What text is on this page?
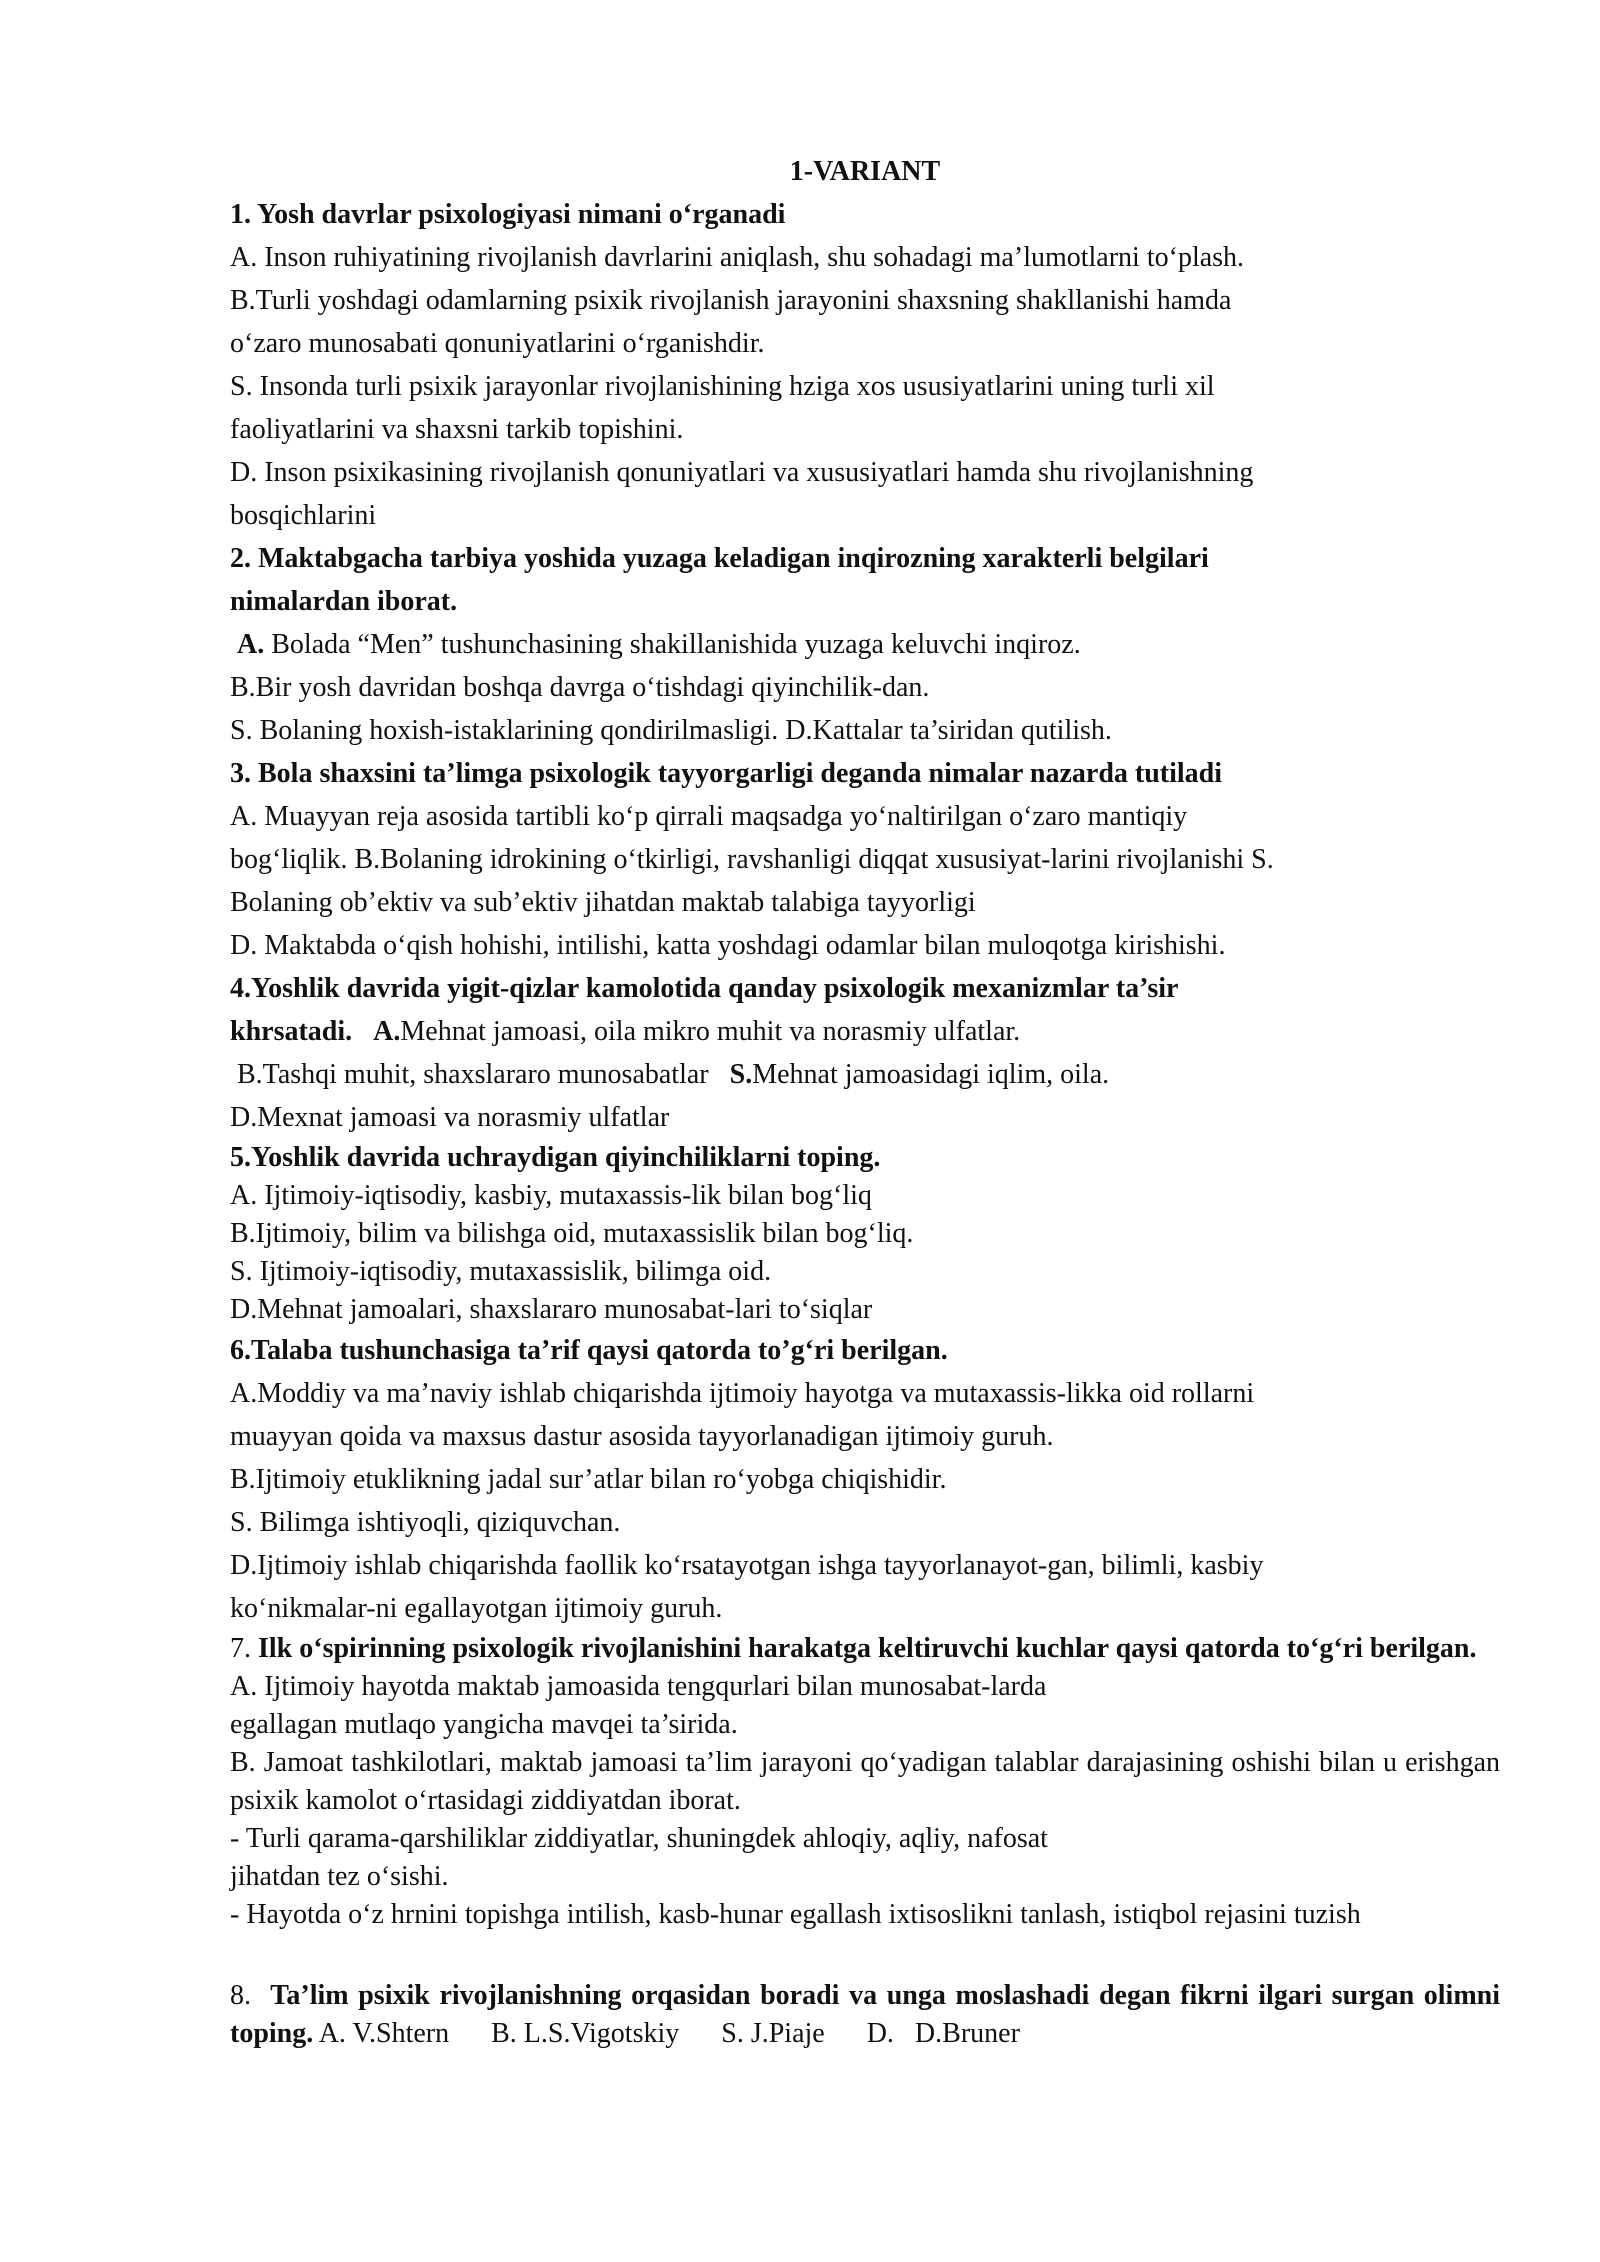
1-VARIANT
1. Yosh davrlar psixologiyasi nimani o‘rganadi
A. Inson ruhiyatining rivojlanish davrlarini aniqlash, shu sohadagi ma’lumotlarni to‘plash.
B.Turli yoshdagi odamlarning psixik rivojlanish jarayonini shaxsning shakllanishi hamda
o‘zaro munosabati qonuniyatlarini o‘rganishdir.
S. Insonda turli psixik jarayonlar rivojlanishining hziga xos ususiyatlarini uning turli xil
faoliyatlarini va shaxsni tarkib topishini.
D. Inson psixikasining rivojlanish qonuniyatlari va xususiyatlari hamda shu rivojlanishning
bosqichlarini
2. Maktabgacha tarbiya yoshida yuzaga keladigan inqirozning xarakterli belgilari
nimalardan iborat.
A. Bolada “Men” tushunchasining shakillanishida yuzaga keluvchi inqiroz.
B.Bir yosh davridan boshqa davrga o‘tishdagi qiyinchilik-dan.
S. Bolaning hoxish-istaklarining qondirilmasligi. D.Kattalar ta’siridan qutilish.
3. Bola shaxsini ta’limga psixologik tayyorgarligi deganda nimalar nazarda tutiladi
A. Muayyan reja asosida tartibli ko‘p qirrali maqsadga yo‘naltirilgan o‘zaro mantiqiy
bog‘liqlik. B.Bolaning idrokining o‘tkirligi, ravshanligi diqqat xususiyat-larini rivojlanishi S.
Bolaning ob’ektiv va sub’ektiv jihatdan maktab talabiga tayyorligi
D. Maktabda o‘qish hohishi, intilishi, katta yoshdagi odamlar bilan muloqotga kirishishi.
4.Yoshlik davrida yigit-qizlar kamolotida qanday psixologik mexanizmlar ta’sir
khrsatadi. A.Mehnat jamoasi, oila mikro muhit va norasmiy ulfatlar.
B.Tashqi muhit, shaxslararo munosabatlar   S.Mehnat jamoasidagi iqlim, oila.
D.Mexnat jamoasi va norasmiy ulfatlar
5.Yoshlik davrida uchraydigan qiyinchiliklarni toping.
A. Ijtimoiy-iqtisodiy, kasbiy, mutaxassis-lik bilan bog‘liq
B.Ijtimoiy, bilim va bilishga oid, mutaxassislik bilan bog‘liq.
S. Ijtimoiy-iqtisodiy, mutaxassislik, bilimga oid.
D.Mehnat jamoalari, shaxslararo munosabat-lari to‘siqlar
6.Talaba tushunchasiga ta’rif qaysi qatorda to’g‘ri berilgan.
A.Moddiy va ma’naviy ishlab chiqarishda ijtimoiy hayotga va mutaxassis-likka oid rollarni
muayyan qoida va maxsus dastur asosida tayyorlanadigan ijtimoiy guruh.
B.Ijtimoiy etuklikning jadal sur’atlar bilan ro‘yobga chiqishidir.
S. Bilimga ishtiyoqli, qiziquvchan.
D.Ijtimoiy ishlab chiqarishda faollik ko‘rsatayotgan ishga tayyorlanayot-gan, bilimli, kasbiy
ko‘nikmalar-ni egallayotgan ijtimoiy guruh.
7. Ilk o‘spirinning psixologik rivojlanishini harakatga keltiruvchi kuchlar qaysi qatorda to‘g‘ri berilgan.
A. Ijtimoiy hayotda maktab jamoasida tengqurlari bilan munosabat-larda
egallagan mutlaqo yangicha mavqei ta’sirida.
B. Jamoat tashkilotlari, maktab jamoasi ta’lim jarayoni qo‘yadigan talablar darajasining oshishi bilan u erishgan psixik kamolot o‘rtasidagi ziddiyatdan iborat.
- Turli qarama-qarshiliklar ziddiyatlar, shuningdek ahloqiy, aqliy, nafosat
jihatdan tez o‘sishi.
- Hayotda o‘z hrnini topishga intilish, kasb-hunar egallash ixtisoslikni tanlash, istiqbol rejasini tuzish
8.  Ta’lim psixik rivojlanishning orqasidan boradi va unga moslashadi degan fikrni ilgari surgan olimni toping. A. V.Shtern      B. L.S.Vigotskiy      S. J.Piaje      D.   D.Bruner
